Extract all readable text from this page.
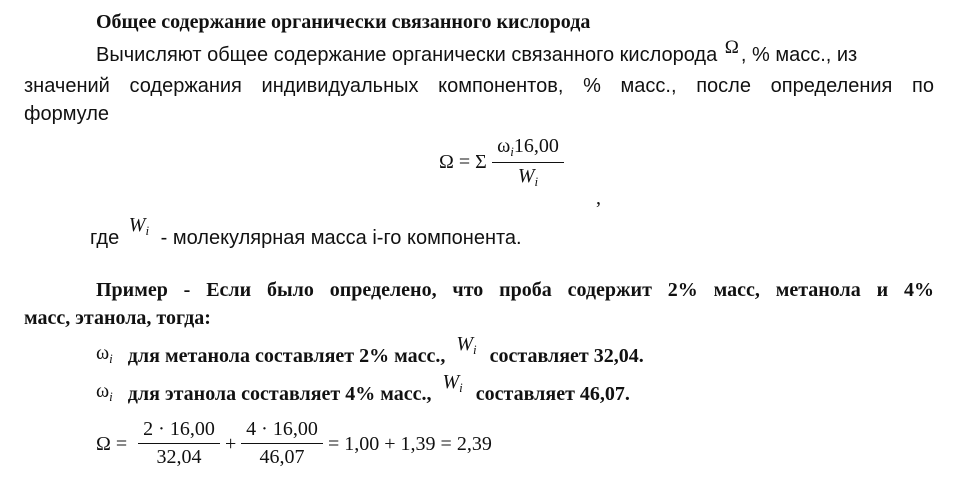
Общее содержание органически связанного кислорода
Вычисляют общее содержание органически связанного кислорода Ω , % масс., из
значений содержания индивидуальных компонентов, % масс., после определения по
формуле
Ω = Σ
$\omega_i16,00$
$W_i$
,
где $W_i$ - молекулярная масса i-го компонента.
Пример - Если было определено, что проба содержит 2% масс, метанола и 4%
масс, этанола, тогда:
$\omega_i$ для метанола составляет 2% масс., $W_i$ составляет 32,04.
$\omega_i$ для этанола составляет 4% масс., $W_i$ составляет 46,07.
Ω =
2 · 16,00
32,04
+
4 · 16,00
46,07
= 1,00 + 1,39 = 2,39
